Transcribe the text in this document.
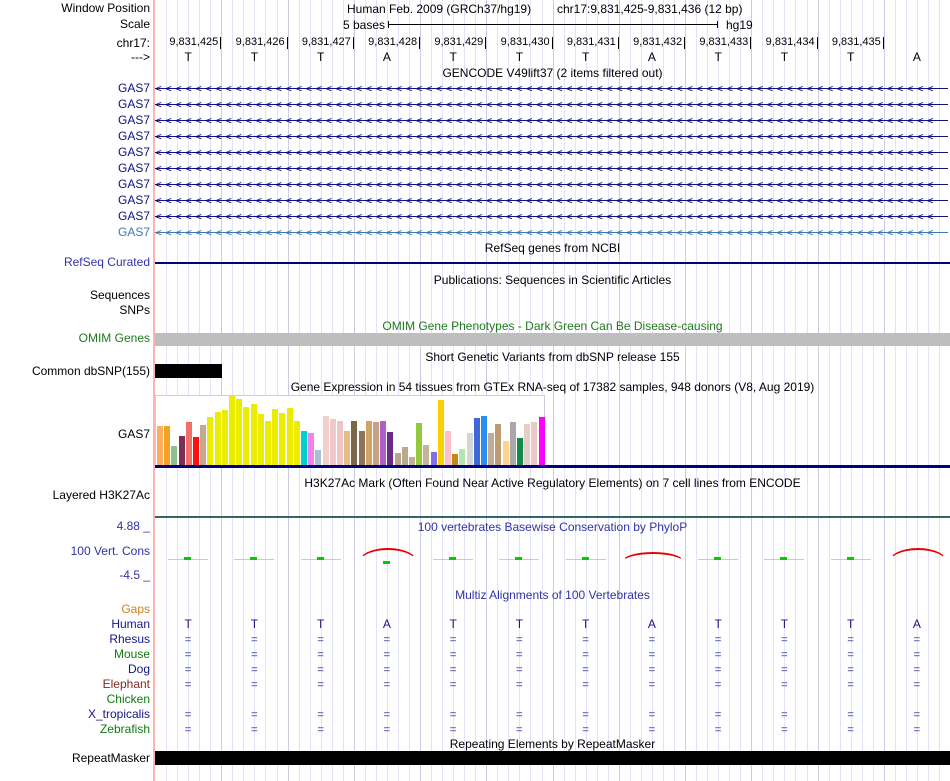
Window Position	Human Feb. 2009 (GRCh37/hg19) chr17:9,831,425-9,831,436 (12 bp)
Scale	5 bases	hg19
chr17:	9,831,425	9,831,426	9,831,427	9,831,428	9,831,429	9,831,430	9,831,431	9,831,432	9,831,433	9,831,434	9,831,435
--->	T	T	T	A	T	T	T	A	T	T	T	A
GENCODE V49lift37 (2 items filtered out)
GAS7 <<<<<<<<<<<<<<<<<<<<<<<<<<<<<<<<<<<<<<<<<<<<<<<<<<<<<<<<<<<<<<<<<<<<<<<<<<<<<<
GAS7 <<<<<<<<<<<<<<<<<<<<<<<<<<<<<<<<<<<<<<<<<<<<<<<<<<<<<<<<<<<<<<<<<<<<<<<<<<<<<<
GAS7 <<<<<<<<<<<<<<<<<<<<<<<<<<<<<<<<<<<<<<<<<<<<<<<<<<<<<<<<<<<<<<<<<<<<<<<<<<<<<<
GAS7 <<<<<<<<<<<<<<<<<<<<<<<<<<<<<<<<<<<<<<<<<<<<<<<<<<<<<<<<<<<<<<<<<<<<<<<<<<<<<<
GAS7 <<<<<<<<<<<<<<<<<<<<<<<<<<<<<<<<<<<<<<<<<<<<<<<<<<<<<<<<<<<<<<<<<<<<<<<<<<<<<<
GAS7 <<<<<<<<<<<<<<<<<<<<<<<<<<<<<<<<<<<<<<<<<<<<<<<<<<<<<<<<<<<<<<<<<<<<<<<<<<<<<<
GAS7 <<<<<<<<<<<<<<<<<<<<<<<<<<<<<<<<<<<<<<<<<<<<<<<<<<<<<<<<<<<<<<<<<<<<<<<<<<<<<<
GAS7 <<<<<<<<<<<<<<<<<<<<<<<<<<<<<<<<<<<<<<<<<<<<<<<<<<<<<<<<<<<<<<<<<<<<<<<<<<<<<<
GAS7 <<<<<<<<<<<<<<<<<<<<<<<<<<<<<<<<<<<<<<<<<<<<<<<<<<<<<<<<<<<<<<<<<<<<<<<<<<<<<<
GAS7 <<<<<<<<<<<<<<<<<<<<<<<<<<<<<<<<<<<<<<<<<<<<<<<<<<<<<<<<<<<<<<<<<<<<<<<<<<<<<<
RefSeq genes from NCBI
RefSeq Curated
Publications: Sequences in Scientific Articles
Sequences
SNPs
OMIM Gene Phenotypes - Dark Green Can Be Disease-causing
OMIM Genes
Short Genetic Variants from dbSNP release 155
Common dbSNP(155)
Gene Expression in 54 tissues from GTEx RNA-seq of 17382 samples, 948 donors (V8, Aug 2019)
GAS7
H3K27Ac Mark (Often Found Near Active Regulatory Elements) on 7 cell lines from ENCODE
Layered H3K27Ac
4.88 _	100 vertebrates Basewise Conservation by PhyloP
100 Vert. Cons
-4.5 _
Multiz Alignments of 100 Vertebrates
Gaps
Human	T	T	T	A	T	T	T	A	T	T	T	A
Rhesus	=	=	=	=	=	=	=	=	=	=	=	=
Mouse	=	=	=	=	=	=	=	=	=	=	=	=
Dog	=	=	=	=	=	=	=	=	=	=	=	=
Elephant	=	=	=	=	=	=	=	=	=	=	=	=
Chicken
X_tropicalis	=	=	=	=	=	=	=	=	=	=	=	=
Zebrafish	=	=	=	=	=	=	=	=	=	=	=	=
Repeating Elements by RepeatMasker
RepeatMasker
